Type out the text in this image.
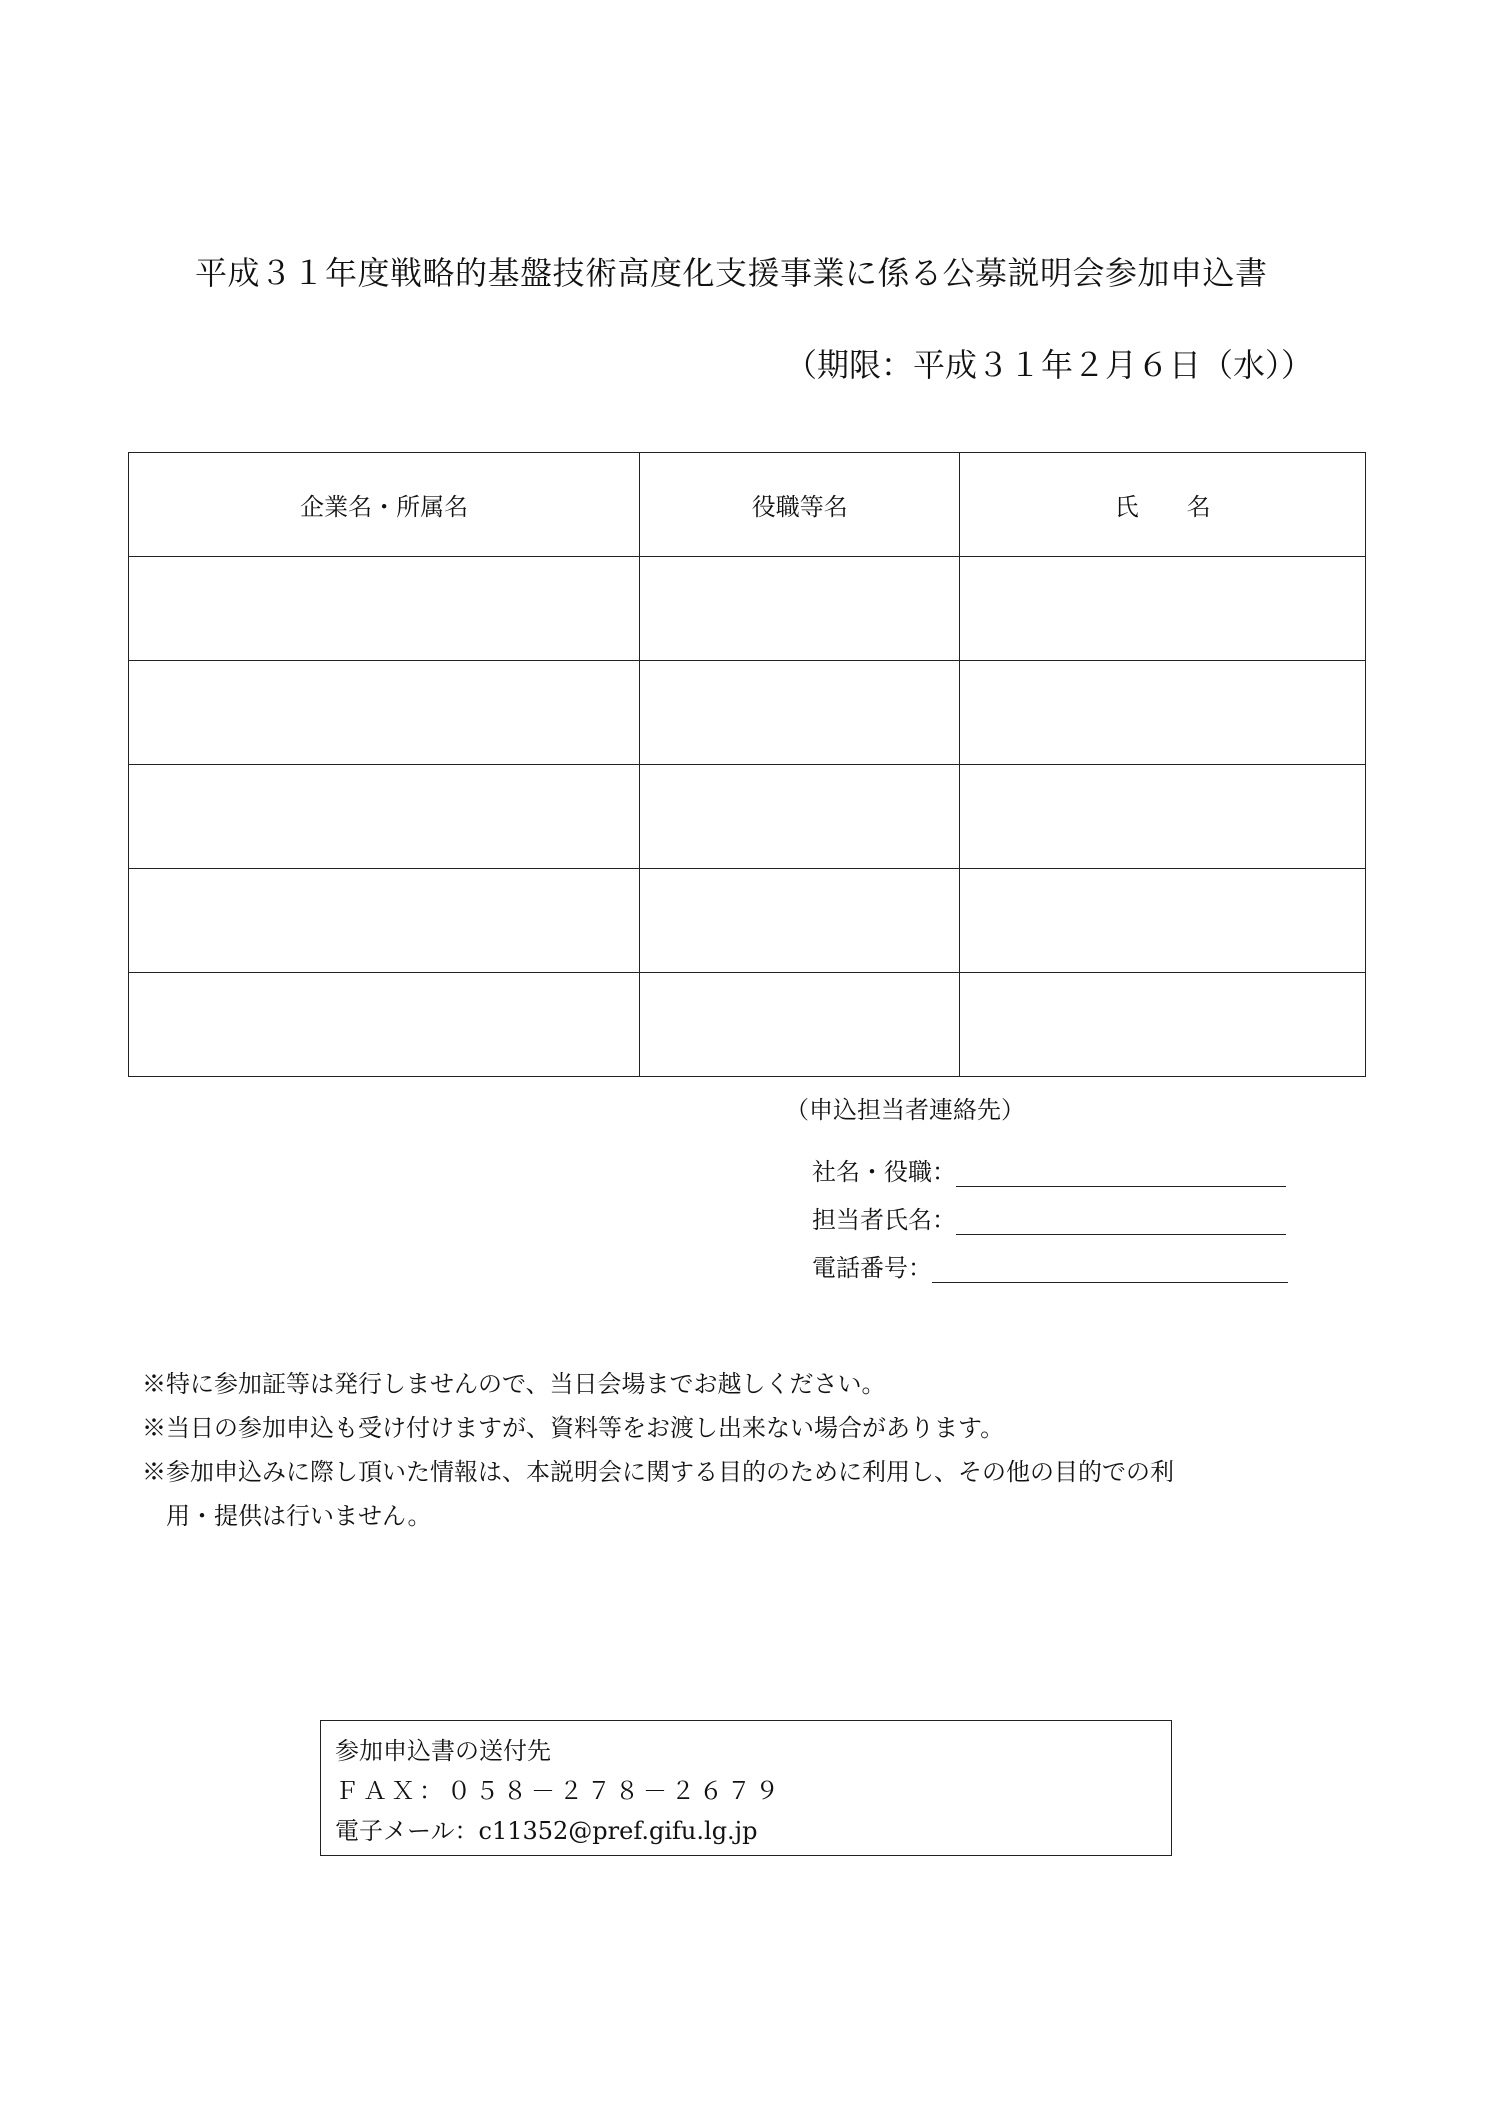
平成３１年度戦略的基盤技術高度化支援事業に係る公募説明会参加申込書
（期限：平成３１年２月６日（水））
企業名・所属名	役職等名	氏　　名

（申込担当者連絡先）
社名・役職：
担当者氏名：
電話番号：

※特に参加証等は発行しませんので、当日会場までお越しください。

※当日の参加申込も受け付けますが、資料等をお渡し出来ない場合があります。

※参加申込みに際し頂いた情報は、本説明会に関する目的のために利用し、その他の目的での利

用・提供は行いません。

参加申込書の送付先
ＦＡＸ：０５８－２７８－２６７９
電子メール：c11352@pref.gifu.lg.jp
